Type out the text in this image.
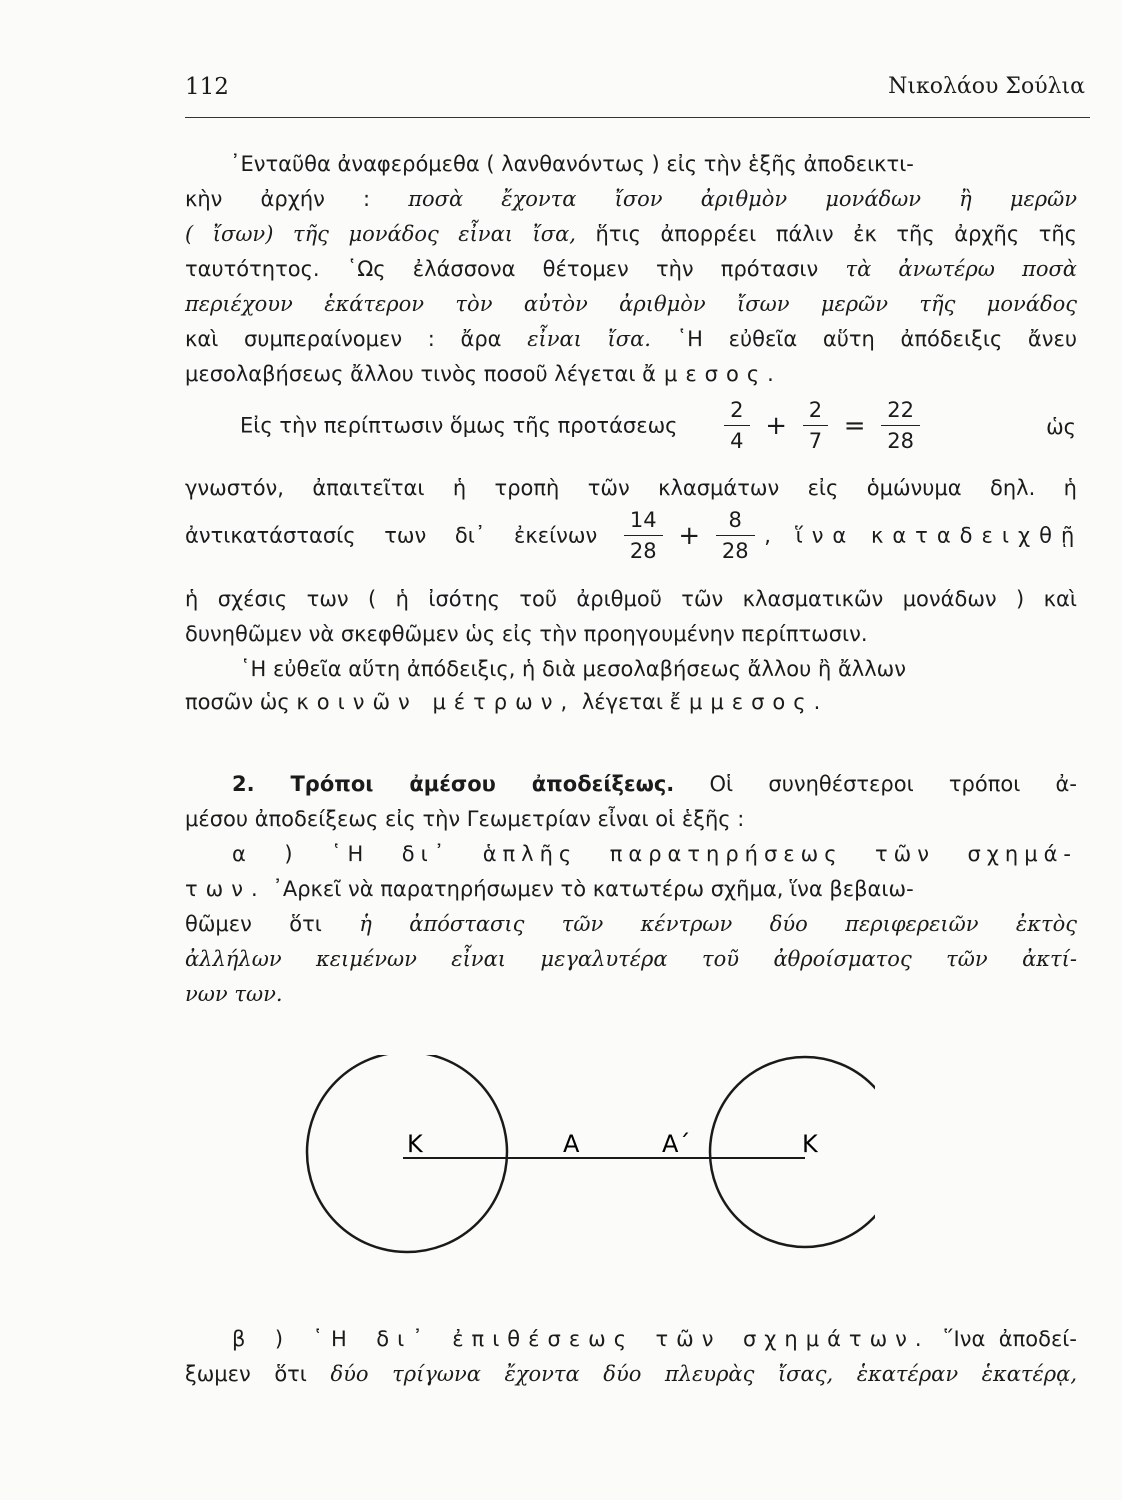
112	Νικολάου Σούλια
᾿Ενταῦθα ἀναφερόμεθα ( λανθανόντως ) εἰς τὴν ἑξῆς ἀποδεικτι-
κὴν ἀρχήν : ποσὰ ἔχοντα ἴσον ἀριθμὸν μονάδων ἢ μερῶν
( ἴσων) τῆς μονάδος εἶναι ἴσα, ἥτις ἀπορρέει πάλιν ἐκ τῆς ἀρχῆς τῆς
ταυτότητος. ῾Ως ἐλάσσονα θέτομεν τὴν πρότασιν τὰ ἀνωτέρω ποσὰ
περιέχουν ἑκάτερον τὸν αὐτὸν ἀριθμὸν ἴσων μερῶν τῆς μονάδος
καὶ συμπεραίνομεν : ἄρα εἶναι ἴσα. ῾Η εὐθεῖα αὕτη ἀπόδειξις ἄνευ
μεσολαβήσεως ἄλλου τινὸς ποσοῦ λέγεται ἄμεσος.
Εἰς τὴν περίπτωσιν ὅμως τῆς προτάσεως $\frac{2}{4} + \frac{2}{7} = \frac{22}{28}$	ὡς
γνωστόν, ἀπαιτεῖται ἡ τροπὴ τῶν κλασμάτων εἰς ὁμώνυμα δηλ. ἡ
ἀντικατάστασίς των δι᾿ ἐκείνων $\frac{14}{28} + \frac{8}{28}$ , ἵνα καταδειχθῇ
ἡ σχέσις των ( ἡ ἰσότης τοῦ ἀριθμοῦ τῶν κλασματικῶν μονάδων ) καὶ
δυνηθῶμεν νὰ σκεφθῶμεν ὡς εἰς τὴν προηγουμένην περίπτωσιν.
῾Η εὐθεῖα αὕτη ἀπόδειξις, ἡ διὰ μεσολαβήσεως ἄλλου ἢ ἄλλων
ποσῶν ὡς κοινῶν μέτρων, λέγεται ἔμμεσος.
2. Τρόποι ἀμέσου ἀποδείξεως. Οἱ συνηθέστεροι τρόποι ἀ-
μέσου ἀποδείξεως εἰς τὴν Γεωμετρίαν εἶναι οἱ ἑξῆς :
α ) ῾Η δι᾿ ἁπλῆς παρατηρήσεως τῶν σχημά-
των. ᾿Αρκεῖ νὰ παρατηρήσωμεν τὸ κατωτέρω σχῆμα, ἵνα βεβαιω-
θῶμεν ὅτι ἡ ἀπόστασις τῶν κέντρων δύο περιφερειῶν ἐκτὸς
ἀλλήλων κειμένων εἶναι μεγαλυτέρα τοῦ ἀθροίσματος τῶν ἀκτί-
νων των.
Κ	Α	Α΄	Κ
β ) ῾Η δι᾿ ἐπιθέσεως τῶν σχημάτων. ῞Ινα ἀποδεί-
ξωμεν ὅτι δύο τρίγωνα ἔχοντα δύο πλευρὰς ἴσας, ἑκατέραν ἑκατέρᾳ,
